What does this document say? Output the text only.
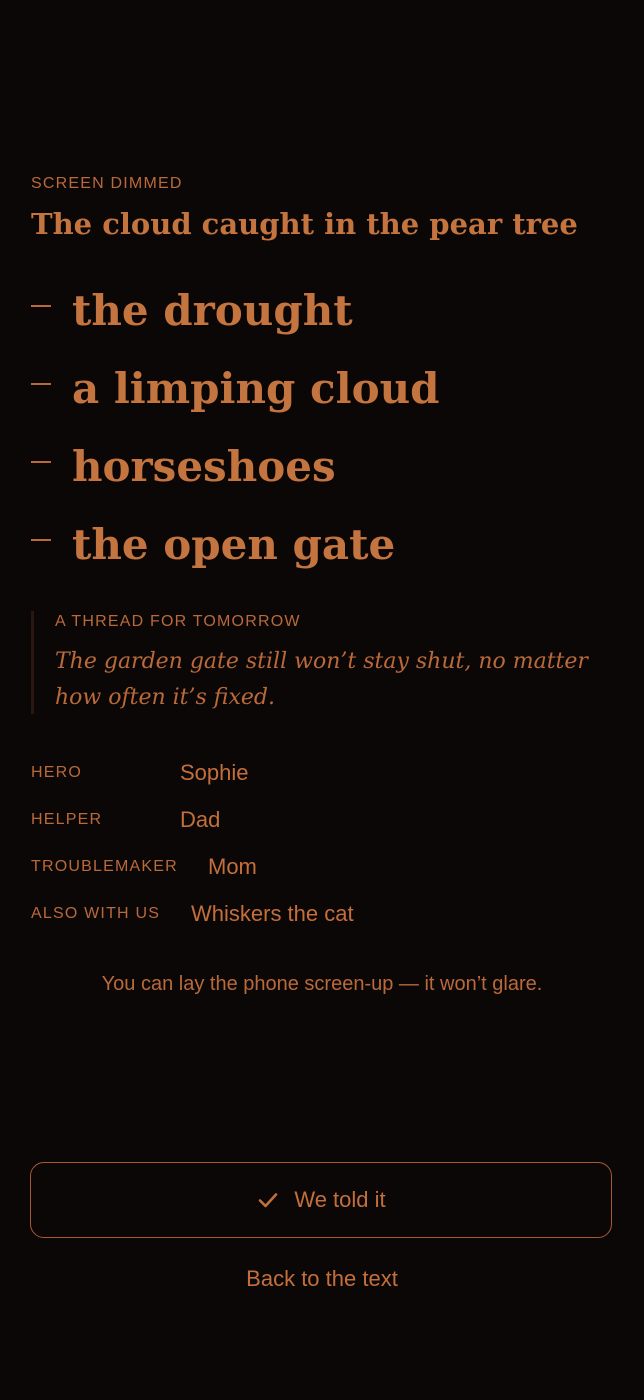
SCREEN DIMMED
The cloud caught in the pear tree
the drought
a limping cloud
horseshoes
the open gate
A THREAD FOR TOMORROW
The garden gate still won’t stay shut, no matter how often it’s fixed.
HERO	Sophie
HELPER	Dad
TROUBLEMAKER Mom
ALSO WITH US Whiskers the cat
You can lay the phone screen-up — it won’t glare.
We told it
Back to the text
